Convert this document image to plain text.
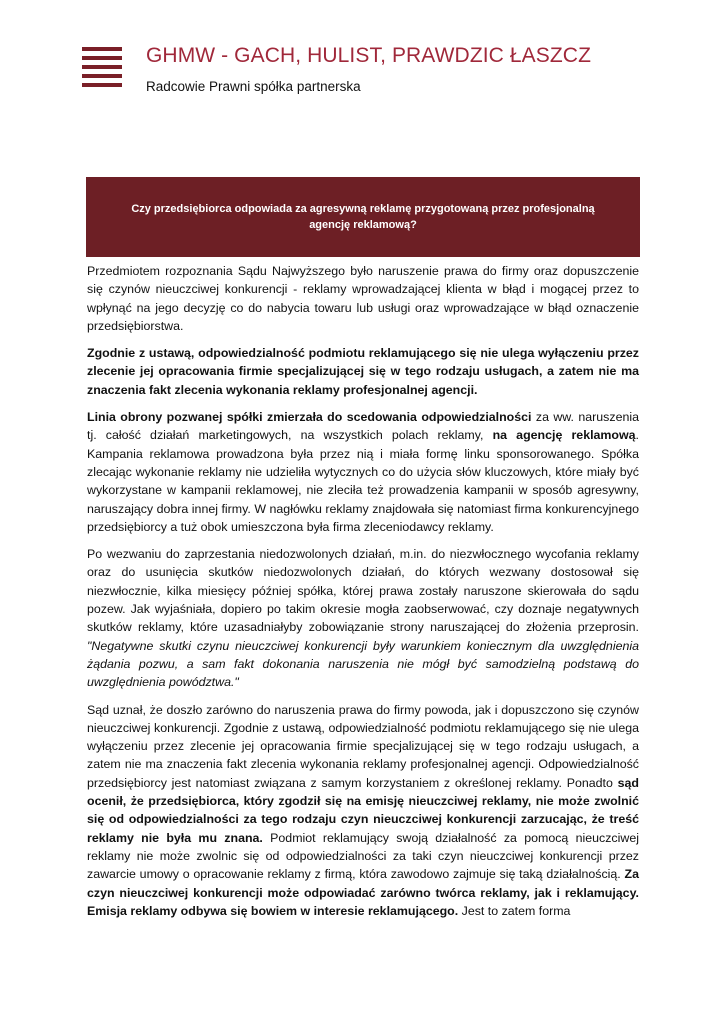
GHMW - GACH, HULIST, PRAWDZIC ŁASZCZ
Radcowie Prawni spółka partnerska
Czy przedsiębiorca odpowiada za agresywną reklamę przygotowaną przez profesjonalną agencję reklamową?

Przedmiotem rozpoznania Sądu Najwyższego było naruszenie prawa do firmy oraz dopuszczenie się czynów nieuczciwej konkurencji - reklamy wprowadzającej klienta w błąd i mogącej przez to wpłynąć na jego decyzję co do nabycia towaru lub usługi oraz wprowadzające w błąd oznaczenie przedsiębiorstwa.

Zgodnie z ustawą, odpowiedzialność podmiotu reklamującego się nie ulega wyłączeniu przez zlecenie jej opracowania firmie specjalizującej się w tego rodzaju usługach, a zatem nie ma znaczenia fakt zlecenia wykonania reklamy profesjonalnej agencji.

Linia obrony pozwanej spółki zmierzała do scedowania odpowiedzialności za ww. naruszenia tj. całość działań marketingowych, na wszystkich polach reklamy, na agencję reklamową. Kampania reklamowa prowadzona była przez nią i miała formę linku sponsorowanego. Spółka zlecając wykonanie reklamy nie udzieliła wytycznych co do użycia słów kluczowych, które miały być wykorzystane w kampanii reklamowej, nie zleciła też prowadzenia kampanii w sposób agresywny, naruszający dobra innej firmy. W nagłówku reklamy znajdowała się natomiast firma konkurencyjnego przedsiębiorcy a tuż obok umieszczona była firma zleceniodawcy reklamy.

Po wezwaniu do zaprzestania niedozwolonych działań, m.in. do niezwłocznego wycofania reklamy oraz do usunięcia skutków niedozwolonych działań, do których wezwany dostosował się niezwłocznie, kilka miesięcy później spółka, której prawa zostały naruszone skierowała do sądu pozew. Jak wyjaśniała, dopiero po takim okresie mogła zaobserwować, czy doznaje negatywnych skutków reklamy, które uzasadniałyby zobowiązanie strony naruszającej do złożenia przeprosin. "Negatywne skutki czynu nieuczciwej konkurencji były warunkiem koniecznym dla uwzględnienia żądania pozwu, a sam fakt dokonania naruszenia nie mógł być samodzielną podstawą do uwzględnienia powództwa."

Sąd uznał, że doszło zarówno do naruszenia prawa do firmy powoda, jak i dopuszczono się czynów nieuczciwej konkurencji. Zgodnie z ustawą, odpowiedzialność podmiotu reklamującego się nie ulega wyłączeniu przez zlecenie jej opracowania firmie specjalizującej się w tego rodzaju usługach, a zatem nie ma znaczenia fakt zlecenia wykonania reklamy profesjonalnej agencji. Odpowiedzialność przedsiębiorcy jest natomiast związana z samym korzystaniem z określonej reklamy. Ponadto sąd ocenił, że przedsiębiorca, który zgodził się na emisję nieuczciwej reklamy, nie może zwolnić się od odpowiedzialności za tego rodzaju czyn nieuczciwej konkurencji zarzucając, że treść reklamy nie była mu znana. Podmiot reklamujący swoją działalność za pomocą nieuczciwej reklamy nie może zwolnic się od odpowiedzialności za taki czyn nieuczciwej konkurencji przez zawarcie umowy o opracowanie reklamy z firmą, która zawodowo zajmuje się taką działalnością. Za czyn nieuczciwej konkurencji może odpowiadać zarówno twórca reklamy, jak i reklamujący. Emisja reklamy odbywa się bowiem w interesie reklamującego. Jest to zatem forma
